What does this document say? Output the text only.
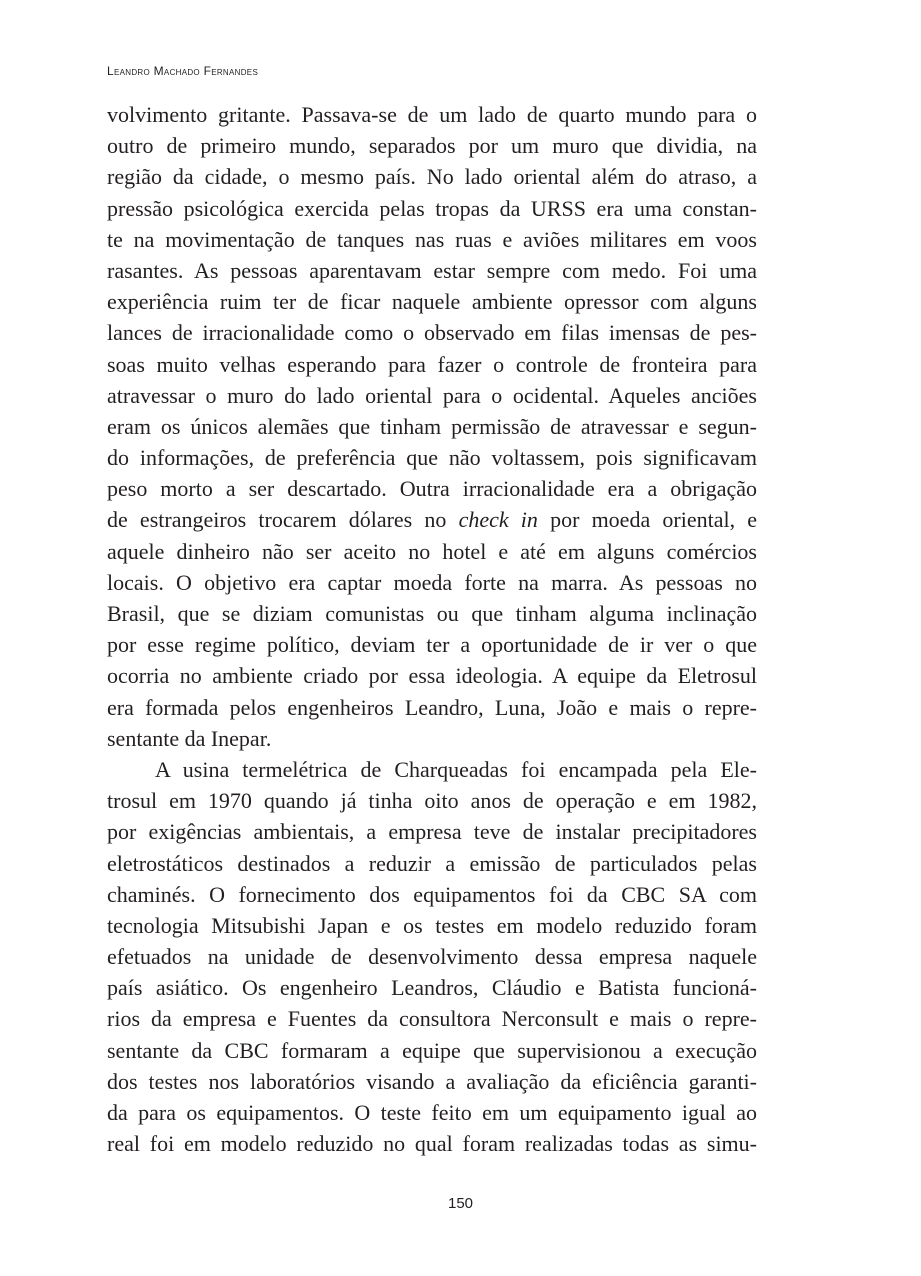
Leandro Machado Fernandes
volvimento gritante. Passava-se de um lado de quarto mundo para o
outro de primeiro mundo, separados por um muro que dividia, na
região da cidade, o mesmo país. No lado oriental além do atraso, a
pressão psicológica exercida pelas tropas da URSS era uma constan-
te na movimentação de tanques nas ruas e aviões militares em voos
rasantes. As pessoas aparentavam estar sempre com medo. Foi uma
experiência ruim ter de ficar naquele ambiente opressor com alguns
lances de irracionalidade como o observado em filas imensas de pes-
soas muito velhas esperando para fazer o controle de fronteira para
atravessar o muro do lado oriental para o ocidental. Aqueles anciões
eram os únicos alemães que tinham permissão de atravessar e segun-
do informações, de preferência que não voltassem, pois significavam
peso morto a ser descartado. Outra irracionalidade era a obrigação
de estrangeiros trocarem dólares no check in por moeda oriental, e
aquele dinheiro não ser aceito no hotel e até em alguns comércios
locais. O objetivo era captar moeda forte na marra. As pessoas no
Brasil, que se diziam comunistas ou que tinham alguma inclinação
por esse regime político, deviam ter a oportunidade de ir ver o que
ocorria no ambiente criado por essa ideologia. A equipe da Eletrosul
era formada pelos engenheiros Leandro, Luna, João e mais o repre-
sentante da Inepar.
A usina termelétrica de Charqueadas foi encampada pela Ele-
trosul em 1970 quando já tinha oito anos de operação e em 1982,
por exigências ambientais, a empresa teve de instalar precipitadores
eletrostáticos destinados a reduzir a emissão de particulados pelas
chaminés. O fornecimento dos equipamentos foi da CBC SA com
tecnologia Mitsubishi Japan e os testes em modelo reduzido foram
efetuados na unidade de desenvolvimento dessa empresa naquele
país asiático. Os engenheiro Leandros, Cláudio e Batista funcioná-
rios da empresa e Fuentes da consultora Nerconsult e mais o repre-
sentante da CBC formaram a equipe que supervisionou a execução
dos testes nos laboratórios visando a avaliação da eficiência garanti-
da para os equipamentos. O teste feito em um equipamento igual ao
real foi em modelo reduzido no qual foram realizadas todas as simu-
150
